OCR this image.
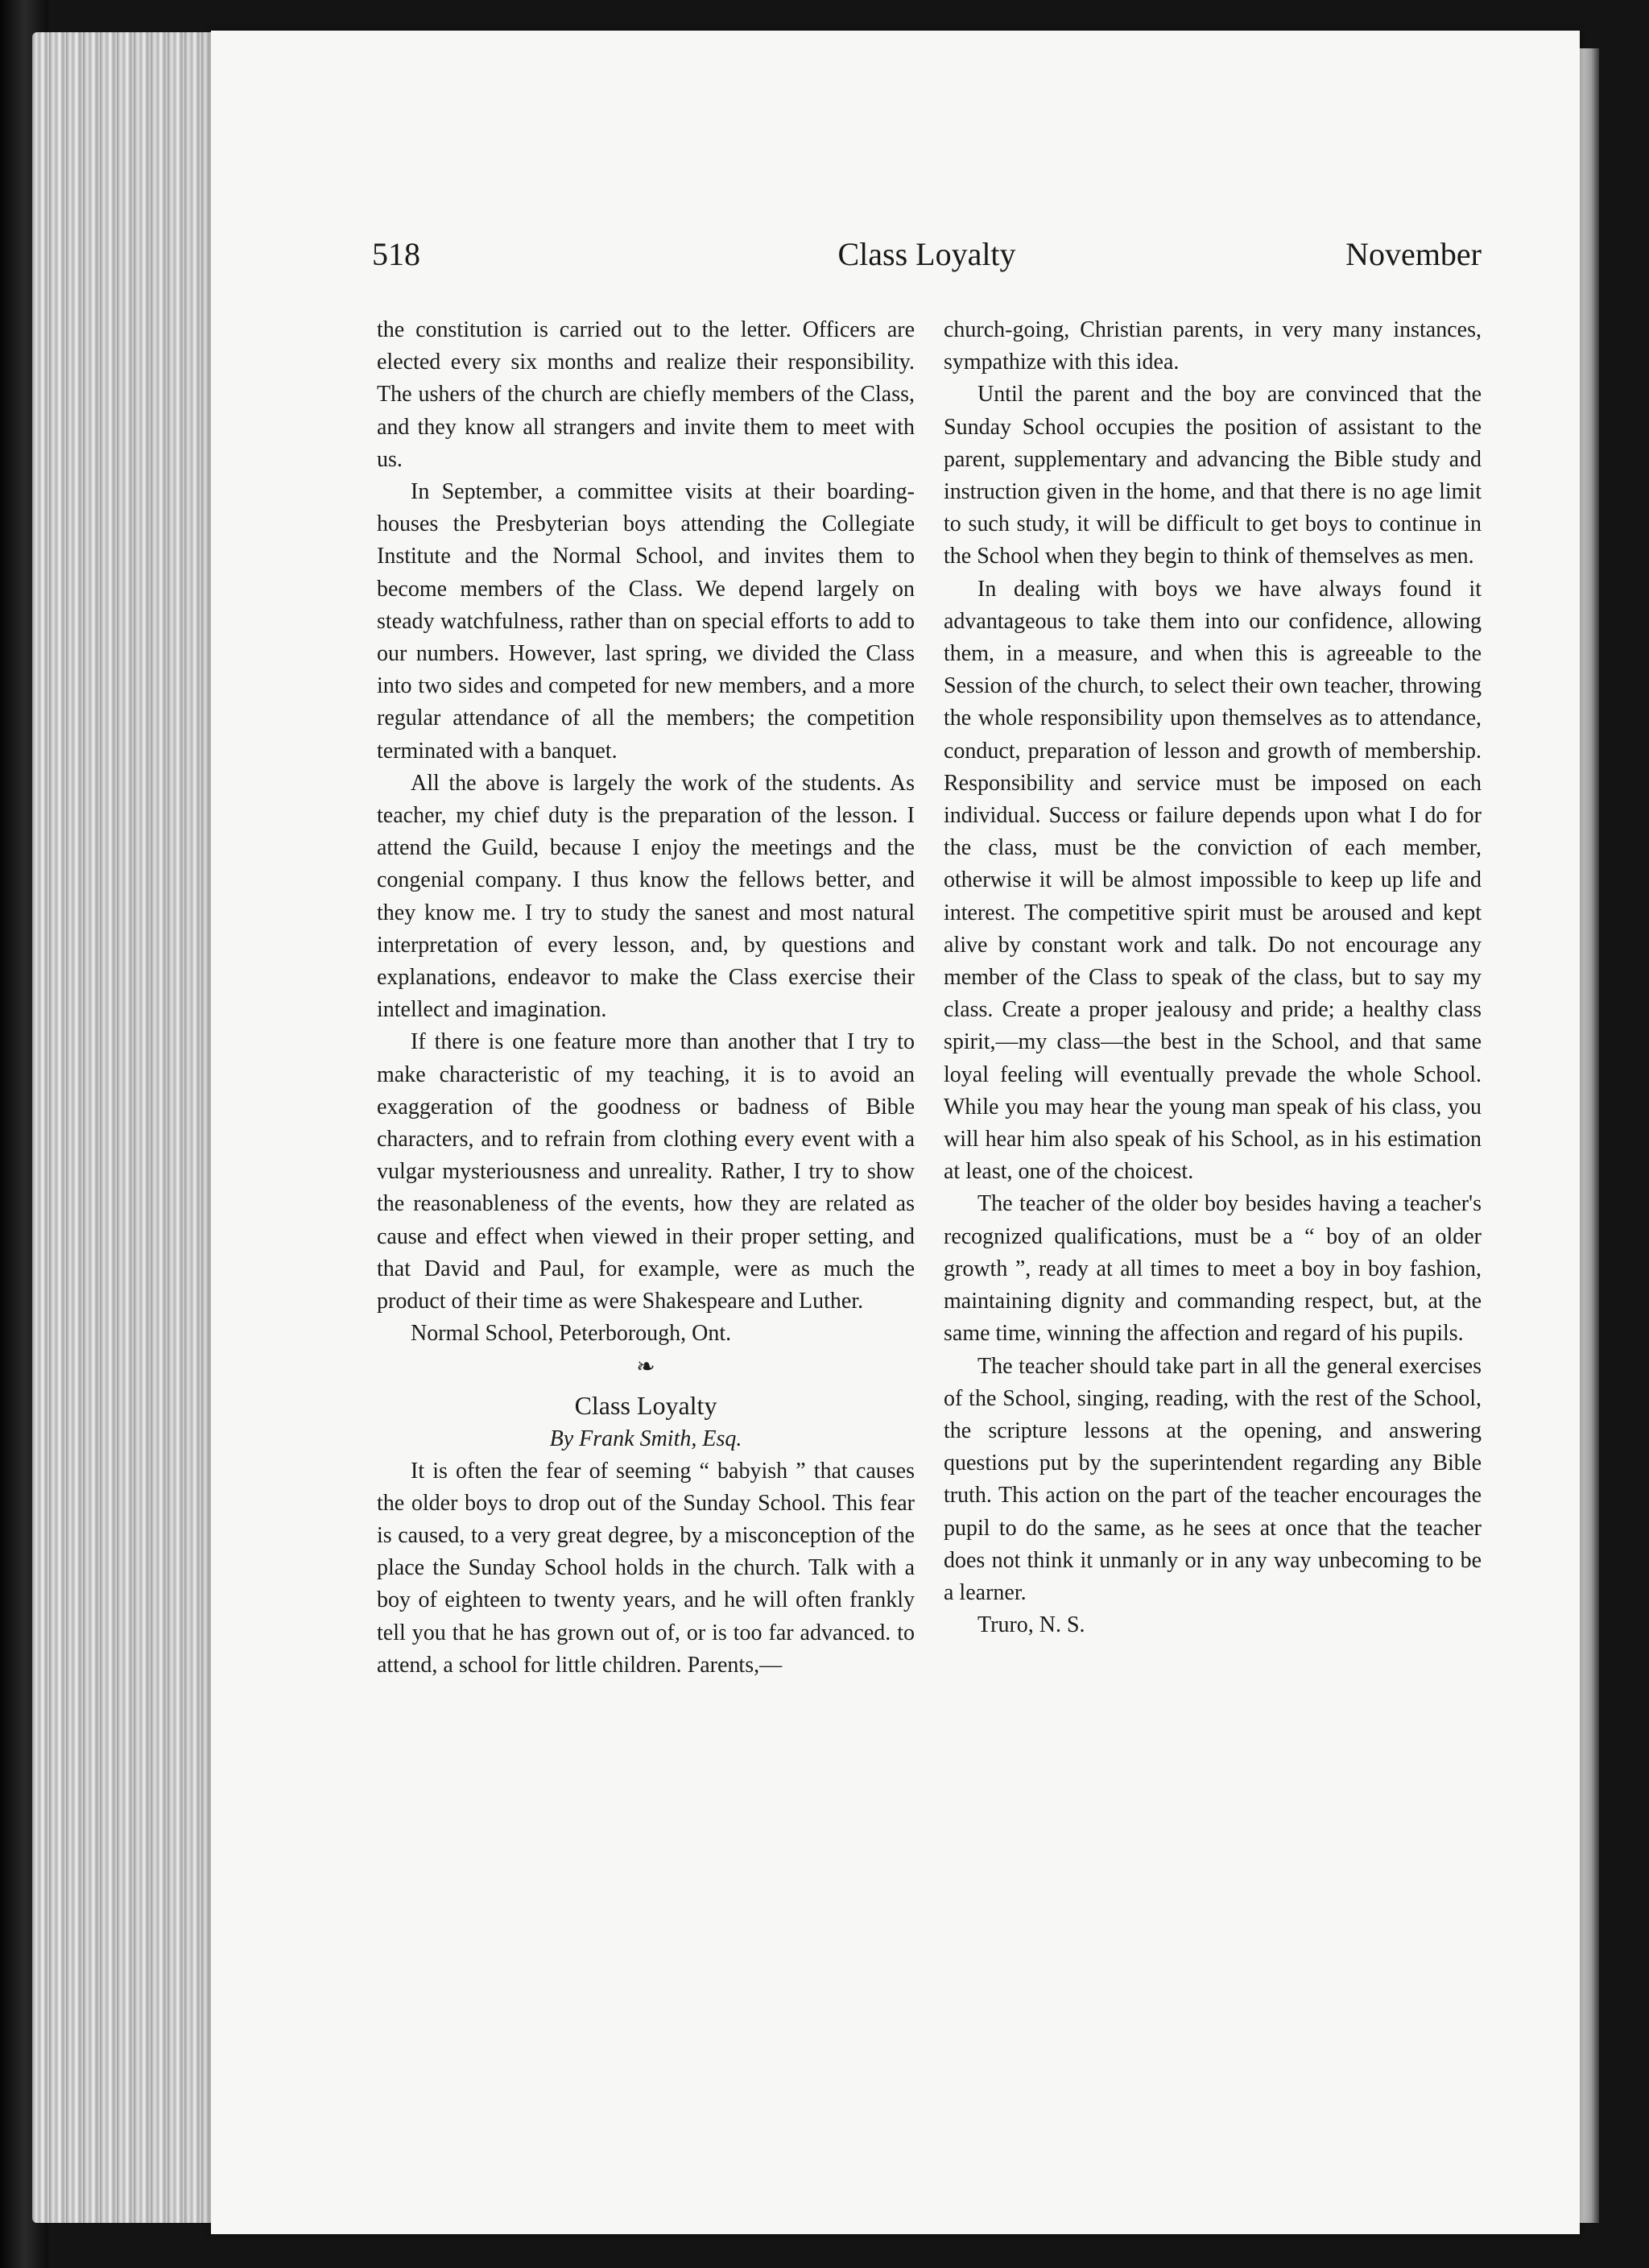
518	Class Loyalty	November

the constitution is carried out to the letter. Officers are elected every six months and realize their responsibility. The ushers of the church are chiefly members of the Class, and they know all strangers and invite them to meet with us.

In September, a committee visits at their boarding-houses the Presbyterian boys attending the Collegiate Institute and the Normal School, and invites them to become members of the Class. We depend largely on steady watchfulness, rather than on special efforts to add to our numbers. However, last spring, we divided the Class into two sides and competed for new members, and a more regular attendance of all the members; the competition terminated with a banquet.

All the above is largely the work of the students. As teacher, my chief duty is the preparation of the lesson. I attend the Guild, because I enjoy the meetings and the congenial company. I thus know the fellows better, and they know me. I try to study the sanest and most natural interpretation of every lesson, and, by questions and explanations, endeavor to make the Class exercise their intellect and imagination.

If there is one feature more than another that I try to make characteristic of my teaching, it is to avoid an exaggeration of the goodness or badness of Bible characters, and to refrain from clothing every event with a vulgar mysteriousness and unreality. Rather, I try to show the reasonableness of the events, how they are related as cause and effect when viewed in their proper setting, and that David and Paul, for example, were as much the product of their time as were Shakespeare and Luther.

Normal School, Peterborough, Ont.

❧
Class Loyalty
By Frank Smith, Esq.

It is often the fear of seeming “ babyish ” that causes the older boys to drop out of the Sunday School. This fear is caused, to a very great degree, by a misconception of the place the Sunday School holds in the church. Talk with a boy of eighteen to twenty years, and he will often frankly tell you that he has grown out of, or is too far advanced. to attend, a school for little children. Parents,—

church-going, Christian parents, in very many instances, sympathize with this idea.

Until the parent and the boy are convinced that the Sunday School occupies the position of assistant to the parent, supplementary and advancing the Bible study and instruction given in the home, and that there is no age limit to such study, it will be difficult to get boys to continue in the School when they begin to think of themselves as men.

In dealing with boys we have always found it advantageous to take them into our confidence, allowing them, in a measure, and when this is agreeable to the Session of the church, to select their own teacher, throwing the whole responsibility upon themselves as to attendance, conduct, preparation of lesson and growth of membership. Responsibility and service must be imposed on each individual. Success or failure depends upon what I do for the class, must be the conviction of each member, otherwise it will be almost impossible to keep up life and interest. The competitive spirit must be aroused and kept alive by constant work and talk. Do not encourage any member of the Class to speak of the class, but to say my class. Create a proper jealousy and pride; a healthy class spirit,—my class—the best in the School, and that same loyal feeling will eventually prevade the whole School. While you may hear the young man speak of his class, you will hear him also speak of his School, as in his estimation at least, one of the choicest.

The teacher of the older boy besides having a teacher's recognized qualifications, must be a “ boy of an older growth ”, ready at all times to meet a boy in boy fashion, maintaining dignity and commanding respect, but, at the same time, winning the affection and regard of his pupils.

The teacher should take part in all the general exercises of the School, singing, reading, with the rest of the School, the scripture lessons at the opening, and answering questions put by the superintendent regarding any Bible truth. This action on the part of the teacher encourages the pupil to do the same, as he sees at once that the teacher does not think it unmanly or in any way unbecoming to be a learner.

Truro, N. S.
